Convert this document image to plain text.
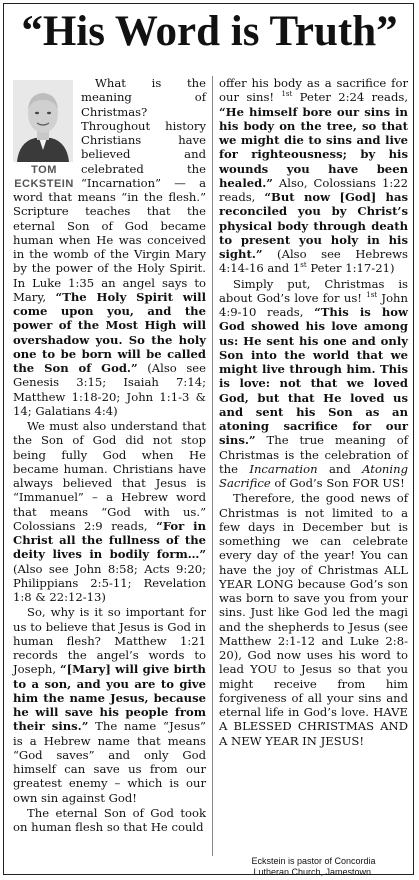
“His Word is Truth”

TOM
ECKSTEIN
What is the meaning of Christmas? Throughout history Christians have believed and celebrated the “Incarnation” — a word that means “in the flesh.” Scripture teaches that the eternal Son of God became human when He was conceived in the womb of the Virgin Mary by the power of the Holy Spirit. In Luke 1:35 an angel says to Mary, “The Holy Spirit will come upon you, and the power of the Most High will overshadow you. So the holy one to be born will be called the Son of God.” (Also see Genesis 3:15; Isaiah 7:14; Matthew 1:18-20; John 1:1-3 & 14; Galatians 4:4)

We must also understand that the Son of God did not stop being fully God when He became human. Christians have always believed that Jesus is “Immanuel” – a Hebrew word that means “God with us.” Colossians 2:9 reads, “For in Christ all the fullness of the deity lives in bodily form…” (Also see John 8:58; Acts 9:20; Philippians 2:5-11; Revelation 1:8 & 22:12-13)

So, why is it so important for us to believe that Jesus is God in human flesh? Matthew 1:21 records the angel’s words to Joseph, “[Mary] will give birth to a son, and you are to give him the name Jesus, because he will save his people from their sins.” The name “Jesus” is a Hebrew name that means “God saves” and only God himself can save us from our greatest enemy – which is our own sin against God!

The eternal Son of God took on human flesh so that He could

offer his body as a sacrifice for our sins! $^{1st}$ Peter 2:24 reads, “He himself bore our sins in his body on the tree, so that we might die to sins and live for righteousness; by his wounds you have been healed.” Also, Colossians 1:22 reads, “But now [God] has reconciled you by Christ’s physical body through death to present you holy in his sight.” (Also see Hebrews 4:14-16 and 1st Peter 1:17-21)

Simply put, Christmas is about God’s love for us! $^{1st}$ John 4:9-10 reads, “This is how God showed his love among us: He sent his one and only Son into the world that we might live through him. This is love: not that we loved God, but that He loved us and sent his Son as an atoning sacrifice for our sins.” The true meaning of Christmas is the celebration of the Incarnation and Atoning Sacrifice of God’s Son FOR US!

Therefore, the good news of Christmas is not limited to a few days in December but is something we can celebrate every day of the year! You can have the joy of Christmas ALL YEAR LONG because God’s son was born to save you from your sins. Just like God led the magi and the shepherds to Jesus (see Matthew 2:1-12 and Luke 2:8-20), God now uses his word to lead YOU to Jesus so that you might receive from him forgiveness of all your sins and eternal life in God’s love. HAVE A BLESSED CHRISTMAS AND A NEW YEAR IN JESUS!

Eckstein is pastor of Concordia
Lutheran Church, Jamestown.
